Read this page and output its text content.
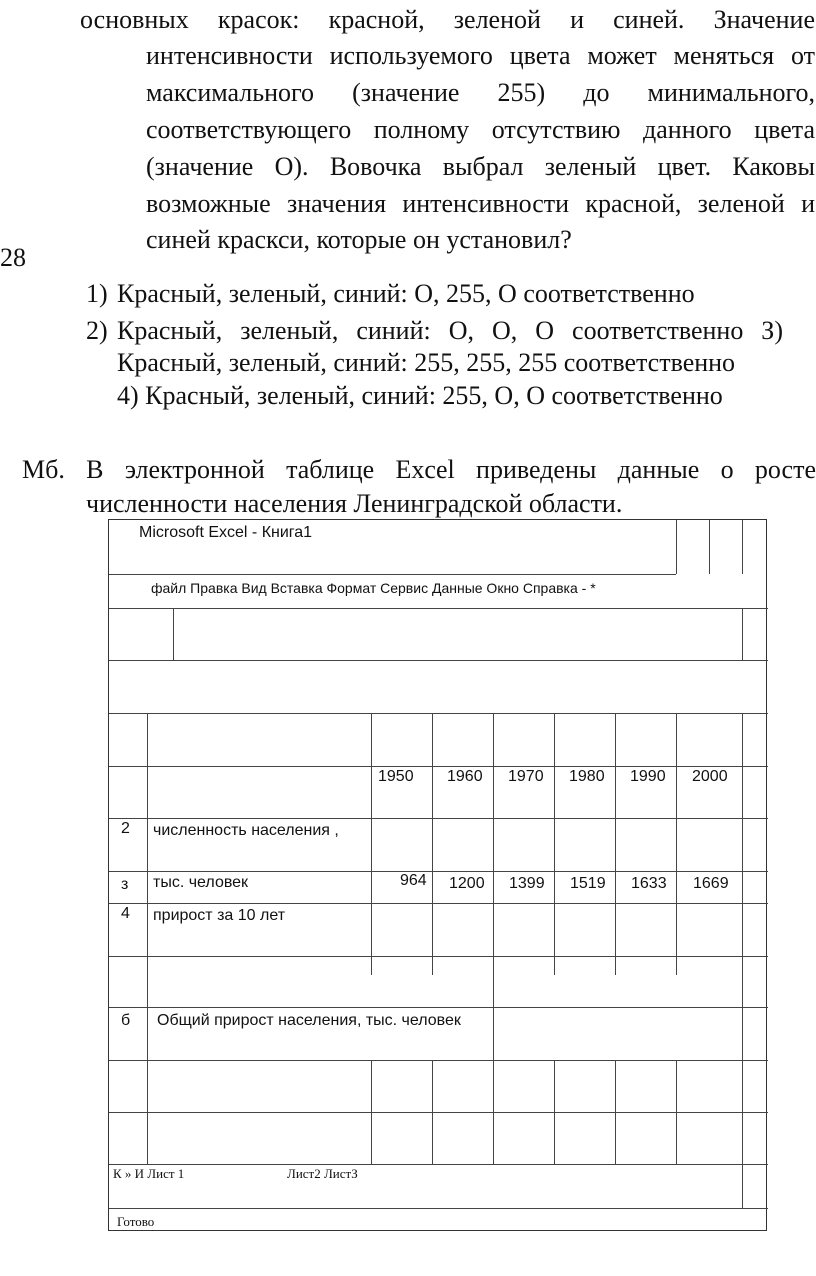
основных красок: красной, зеленой и синей. Значение
интенсивности используемого цвета может меняться от
максимального (значение 255) до минимального,
соответствующего полному отсутствию данного цвета
(значение О). Вовочка выбрал зеленый цвет. Каковы
возможные значения интенсивности красной, зеленой и
синей краскси, которые он установил?
28
1) Красный, зеленый, синий: О, 255, О соответственно
2) Красный, зеленый, синий: О, О, О соответственно З)
Красный, зеленый, синий: 255, 255, 255 соответственно
4) Красный, зеленый, синий: 255, О, О соответственно
Мб. В электронной таблице Excel приведены данные о росте
численности населения Ленинградской области.
Microsoft Excel - Книга1
файл Правка Вид Вставка Формат Сервис Данные Окно Справка - *
1950 1960 1970 1980 1990 2000
2 численность населения ,
з тыс. человек	964 1200 1399 1519 1633 1669
4 прирост за 10 лет
б Общий прирост населения, тыс. человек
К » И Лист 1	Лист2 ЛистЗ
Готово
